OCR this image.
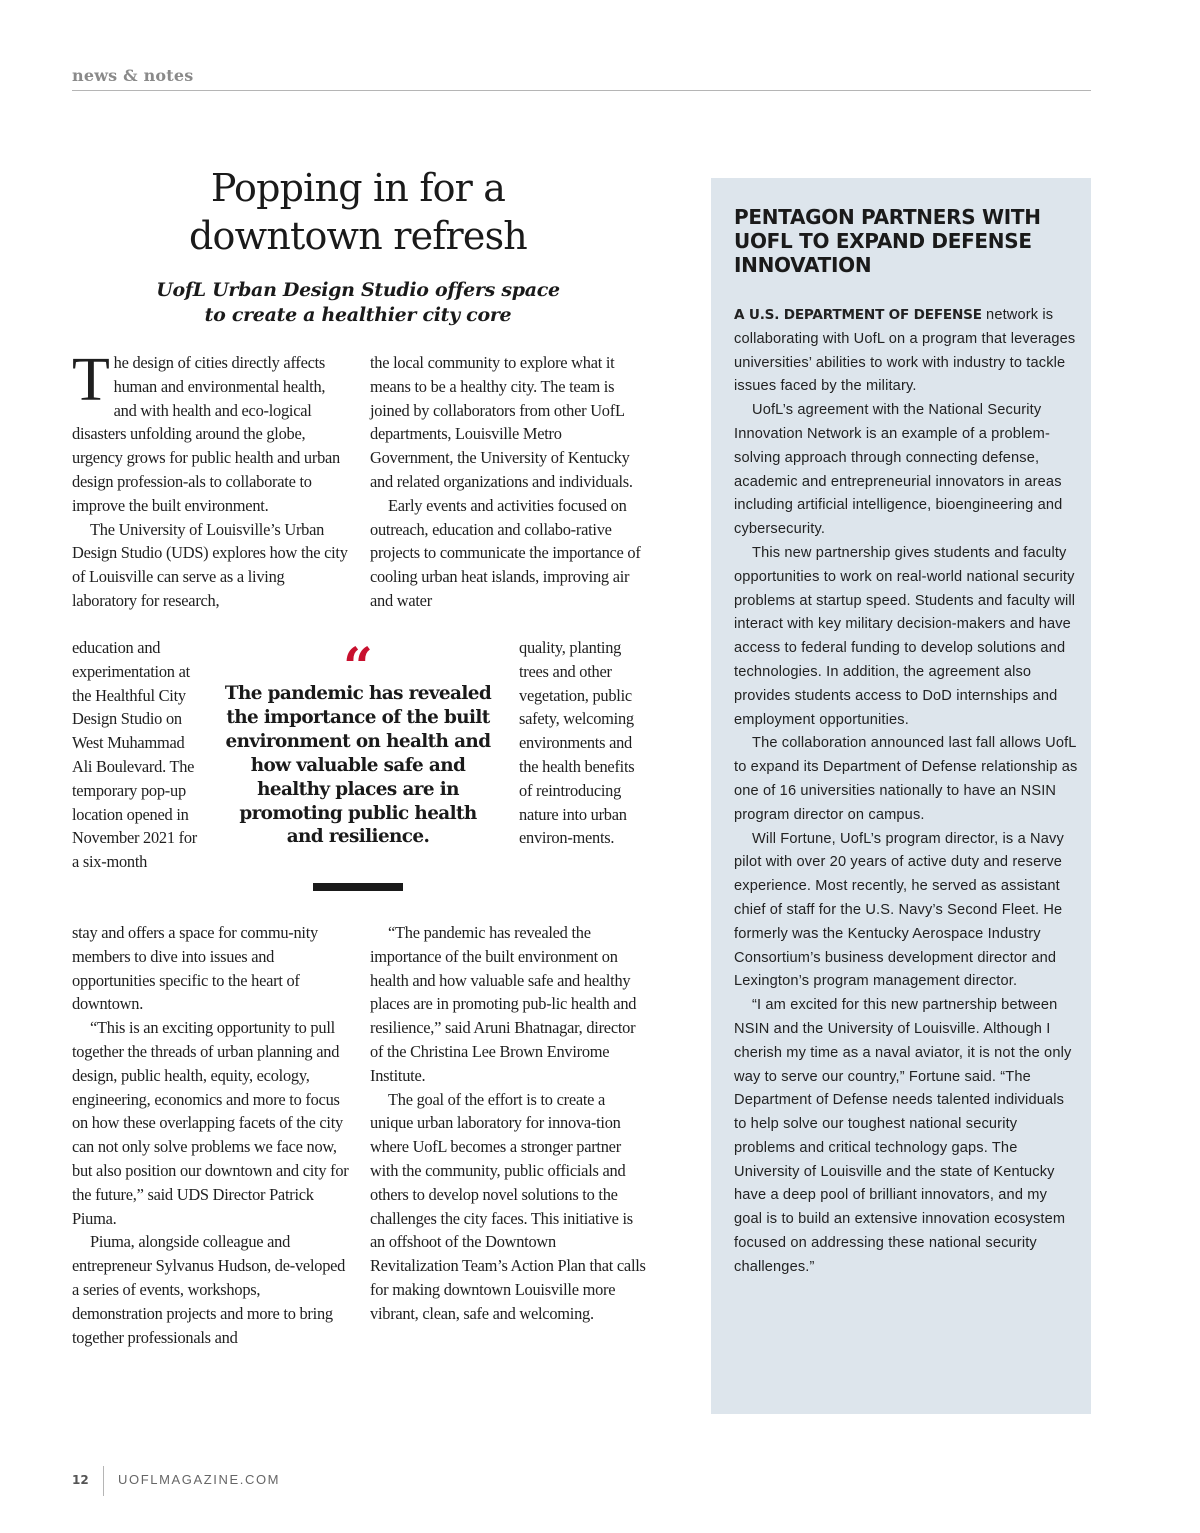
news & notes
Popping in for a
downtown refresh
UofL Urban Design Studio offers space
to create a healthier city core

The design of cities directly affects human and environmental health, and with health and eco-logical disasters unfolding around the globe, urgency grows for public health and urban design profession-als to collaborate to improve the built environment.

The University of Louisville’s Urban Design Studio (UDS) explores how the city of Louisville can serve as a living laboratory for research,

education and experimentation at the Healthful City Design Studio on West Muhammad Ali Boulevard. The temporary pop-up location opened in November 2021 for a six-month

stay and offers a space for commu-nity members to dive into issues and opportunities specific to the heart of downtown.

“This is an exciting opportunity to pull together the threads of urban planning and design, public health, equity, ecology, engineering, economics and more to focus on how these overlapping facets of the city can not only solve problems we face now, but also position our downtown and city for the future,” said UDS Director Patrick Piuma.

Piuma, alongside colleague and entrepreneur Sylvanus Hudson, de-veloped a series of events, workshops, demonstration projects and more to bring together professionals and

the local community to explore what it means to be a healthy city. The team is joined by collaborators from other UofL departments, Louisville Metro Government, the University of Kentucky and related organizations and individuals.

Early events and activities focused on outreach, education and collabo-rative projects to communicate the importance of cooling urban heat islands, improving air and water

quality, planting trees and other vegetation, public safety, welcoming environments and the health benefits of reintroducing nature into urban environ-ments.

“The pandemic has revealed the importance of the built environment on health and how valuable safe and healthy places are in promoting pub-lic health and resilience,” said Aruni Bhatnagar, director of the Christina Lee Brown Envirome Institute.

The goal of the effort is to create a unique urban laboratory for innova-tion where UofL becomes a stronger partner with the community, public officials and others to develop novel solutions to the challenges the city faces. This initiative is an offshoot of the Downtown Revitalization Team’s Action Plan that calls for making downtown Louisville more vibrant, clean, safe and welcoming.

“
The pandemic has revealed the importance of the built environment on health and how valuable safe and healthy places are in promoting public health and resilience.
PENTAGON PARTNERS WITH UOFL TO EXPAND DEFENSE INNOVATION

A U.S. DEPARTMENT OF DEFENSE network is collaborating with UofL on a program that leverages universities’ abilities to work with industry to tackle issues faced by the military.

UofL’s agreement with the National Security Innovation Network is an example of a problem-solving approach through connecting defense, academic and entrepreneurial innovators in areas including artificial intelligence, bioengineering and cybersecurity.

This new partnership gives students and faculty opportunities to work on real-world national security problems at startup speed. Students and faculty will interact with key military decision-makers and have access to federal funding to develop solutions and technologies. In addition, the agreement also provides students access to DoD internships and employment opportunities.

The collaboration announced last fall allows UofL to expand its Department of Defense relationship as one of 16 universities nationally to have an NSIN program director on campus.

Will Fortune, UofL’s program director, is a Navy pilot with over 20 years of active duty and reserve experience. Most recently, he served as assistant chief of staff for the U.S. Navy’s Second Fleet. He formerly was the Kentucky Aerospace Industry Consortium’s business development director and Lexington’s program management director.

“I am excited for this new partnership between NSIN and the University of Louisville. Although I cherish my time as a naval aviator, it is not the only way to serve our country,” Fortune said. “The Department of Defense needs talented individuals to help solve our toughest national security problems and critical technology gaps. The University of Louisville and the state of Kentucky have a deep pool of brilliant innovators, and my goal is to build an extensive innovation ecosystem focused on addressing these national security challenges.”

12 UOFLMAGAZINE.COM
